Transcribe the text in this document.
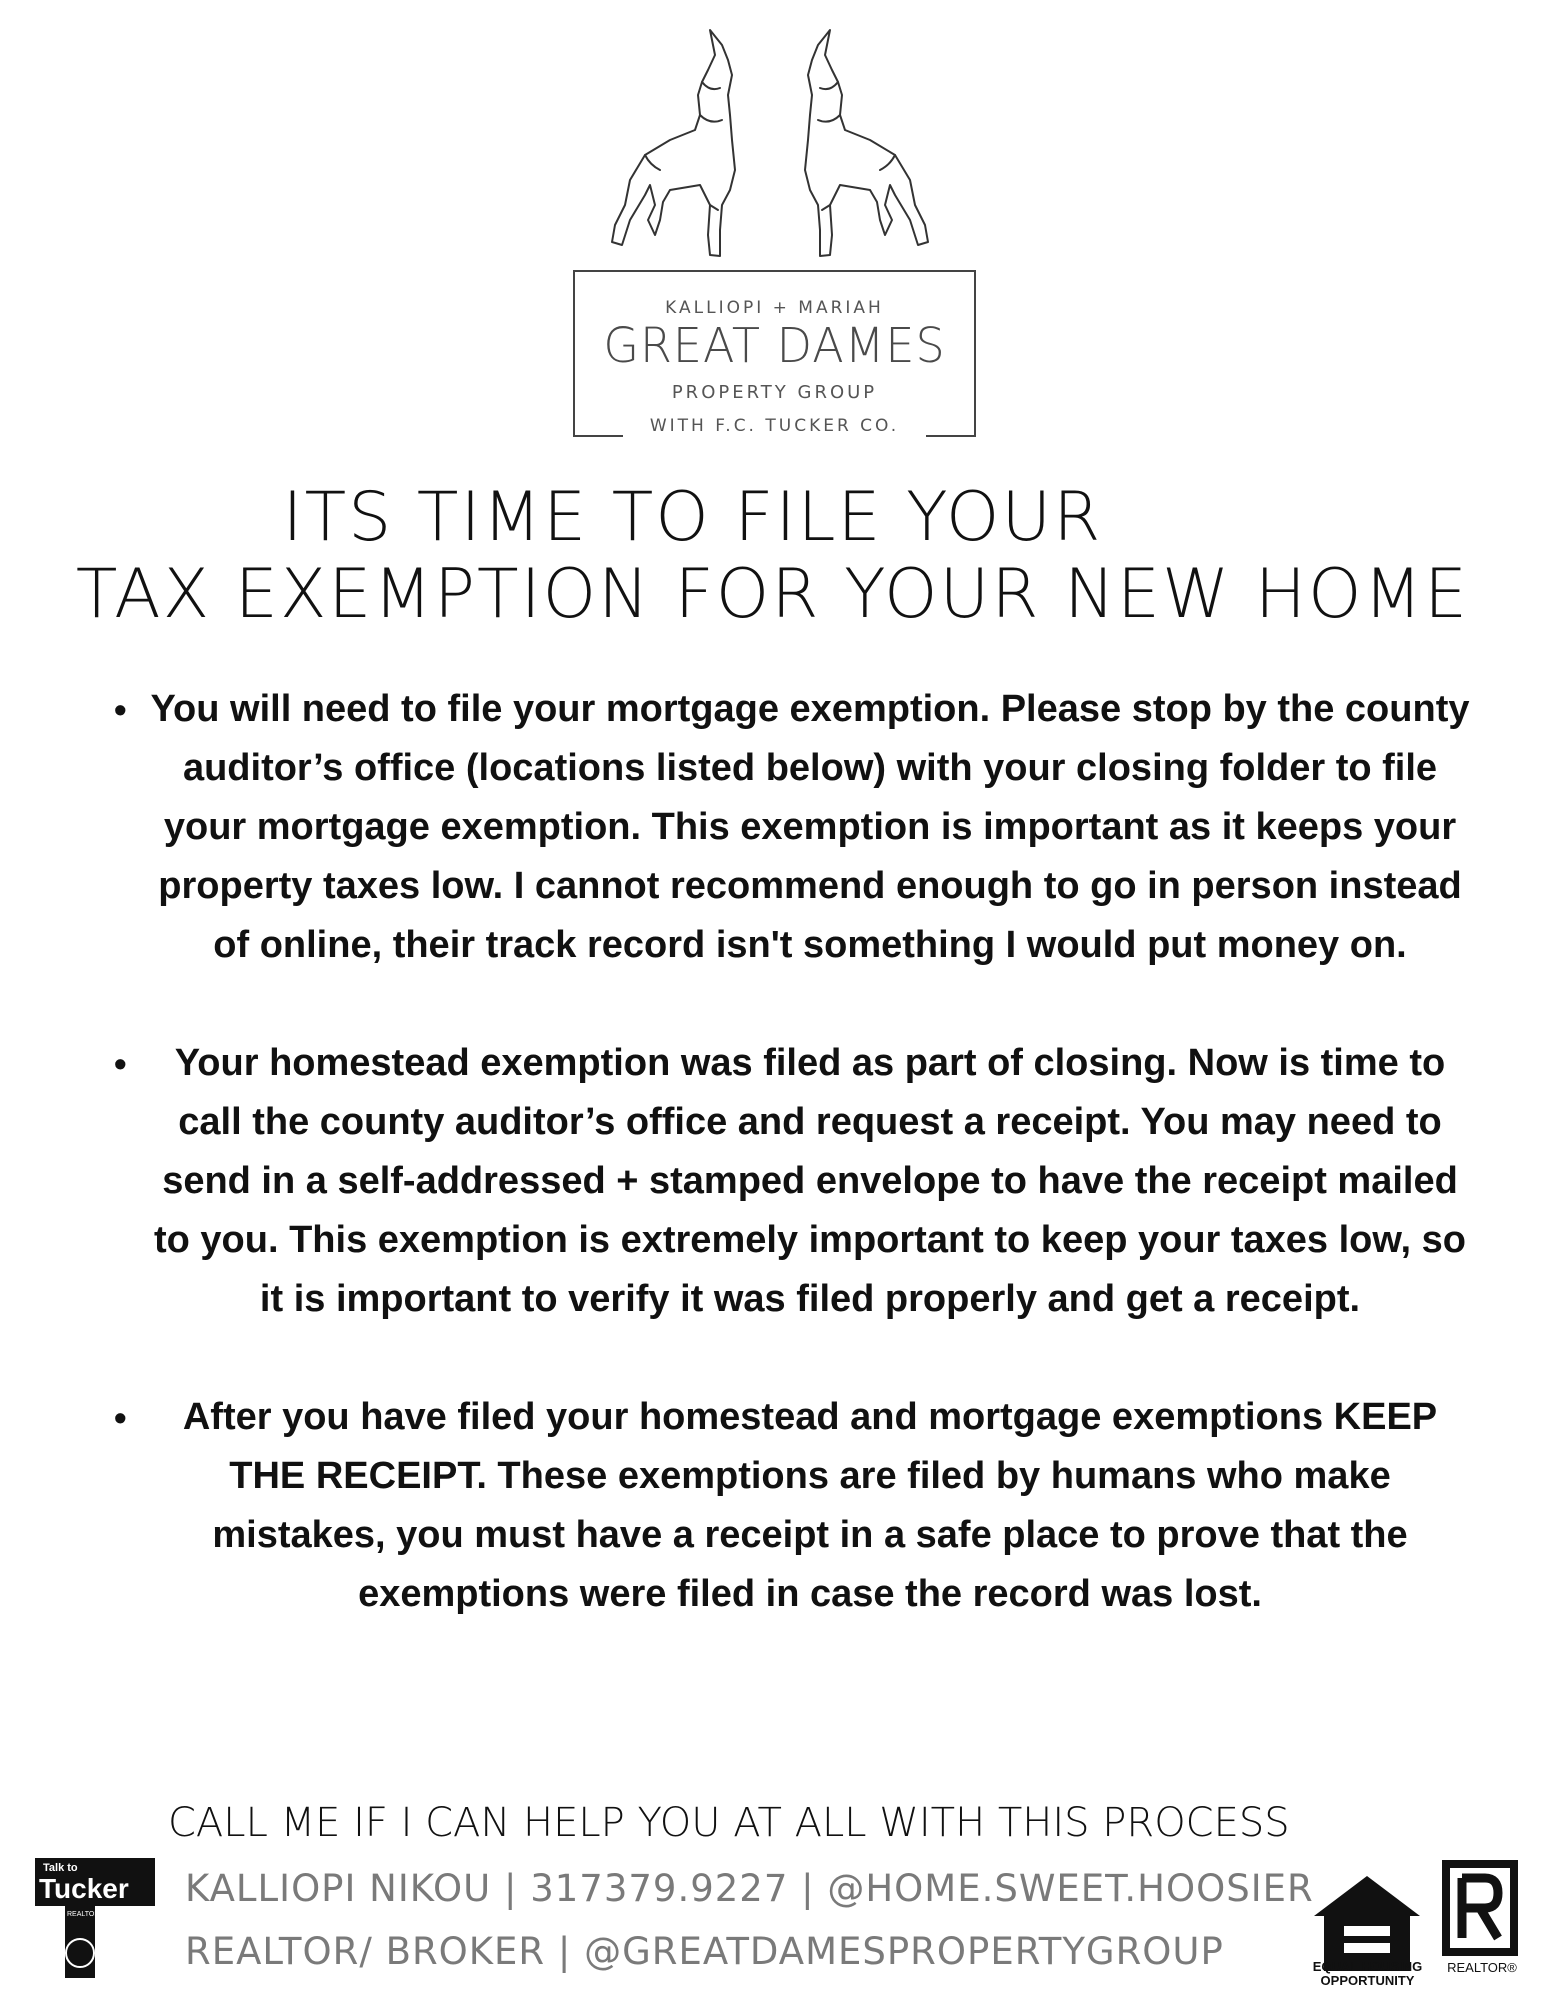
KALLIOPI + MARIAH
GREAT DAMES
PROPERTY GROUP
WITH F.C. TUCKER CO.
ITS TIME TO FILE YOUR
TAX EXEMPTION FOR YOUR NEW HOME
• You will need to file your mortgage exemption. Please stop by the county auditor’s office (locations listed below) with your closing folder to file your mortgage exemption. This exemption is important as it keeps your property taxes low. I cannot recommend enough to go in person instead of online, their track record isn't something I would put money on.
• Your homestead exemption was filed as part of closing. Now is time to call the county auditor’s office and request a receipt. You may need to send in a self-addressed + stamped envelope to have the receipt mailed to you. This exemption is extremely important to keep your taxes low, so it is important to verify it was filed properly and get a receipt.
• After you have filed your homestead and mortgage exemptions KEEP THE RECEIPT. These exemptions are filed by humans who make mistakes, you must have a receipt in a safe place to prove that the exemptions were filed in case the record was lost.
CALL ME IF I CAN HELP YOU AT ALL WITH THIS PROCESS
Talk to
Tucker
REALTORS
KALLIOPI NIKOU | 317379.9227 | @HOME.SWEET.HOOSIER
REALTOR/ BROKER | @GREATDAMESPROPERTYGROUP	EQUAL HOUSING OPPORTUNITY
REALTOR®
